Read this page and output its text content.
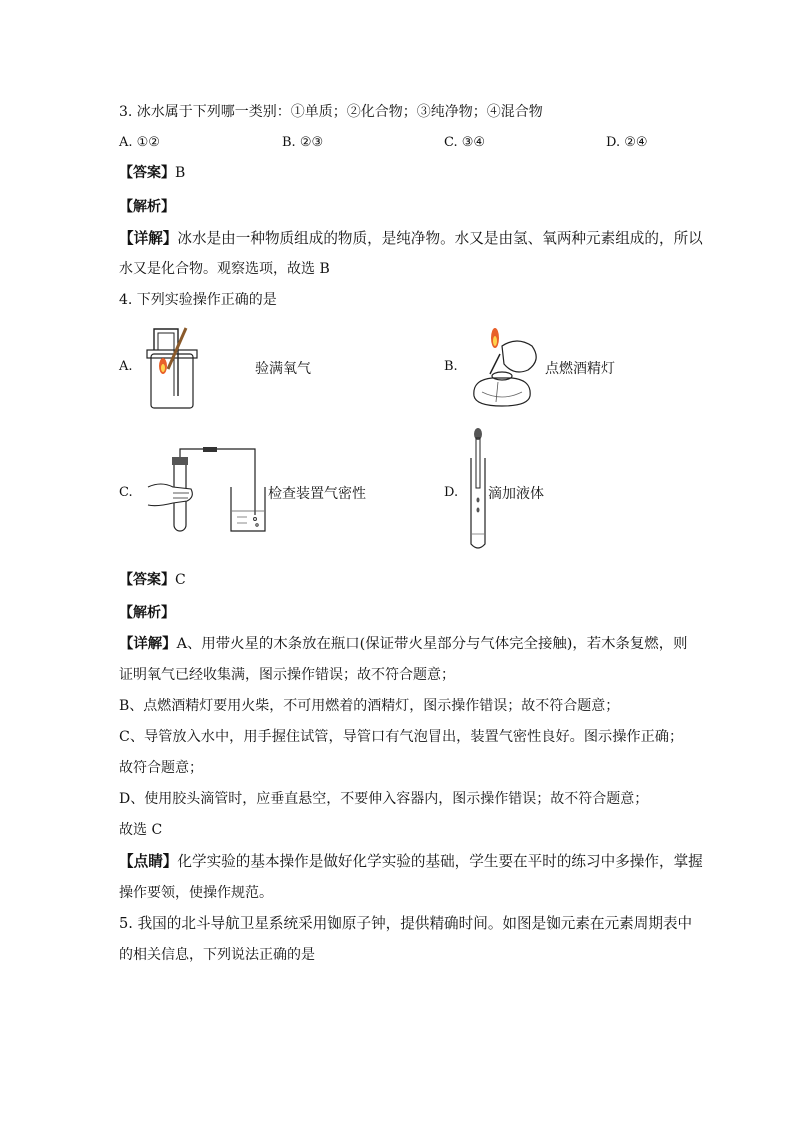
3. 冰水属于下列哪一类别：①单质；②化合物；③纯净物；④混合物
A. ①②	B. ②③	C. ③④	D. ②④
【答案】B
【解析】
【详解】冰水是由一种物质组成的物质，是纯净物。水又是由氢、氧两种元素组成的，所以
水又是化合物。观察选项，故选 B
4. 下列实验操作正确的是
A.	验满氧气	B.	点燃酒精灯
C.	检查装置气密性	D. 滴加液体
【答案】C
【解析】
【详解】A、用带火星的木条放在瓶口(保证带火星部分与气体完全接触)，若木条复燃，则
证明氧气已经收集满，图示操作错误；故不符合题意；
B、点燃酒精灯要用火柴，不可用燃着的酒精灯，图示操作错误；故不符合题意；
C、导管放入水中，用手握住试管，导管口有气泡冒出，装置气密性良好。图示操作正确；
故符合题意；
D、使用胶头滴管时，应垂直悬空，不要伸入容器内，图示操作错误；故不符合题意；
故选 C
【点睛】化学实验的基本操作是做好化学实验的基础，学生要在平时的练习中多操作，掌握
操作要领，使操作规范。
5. 我国的北斗导航卫星系统采用铷原子钟，提供精确时间。如图是铷元素在元素周期表中
的相关信息，下列说法正确的是
